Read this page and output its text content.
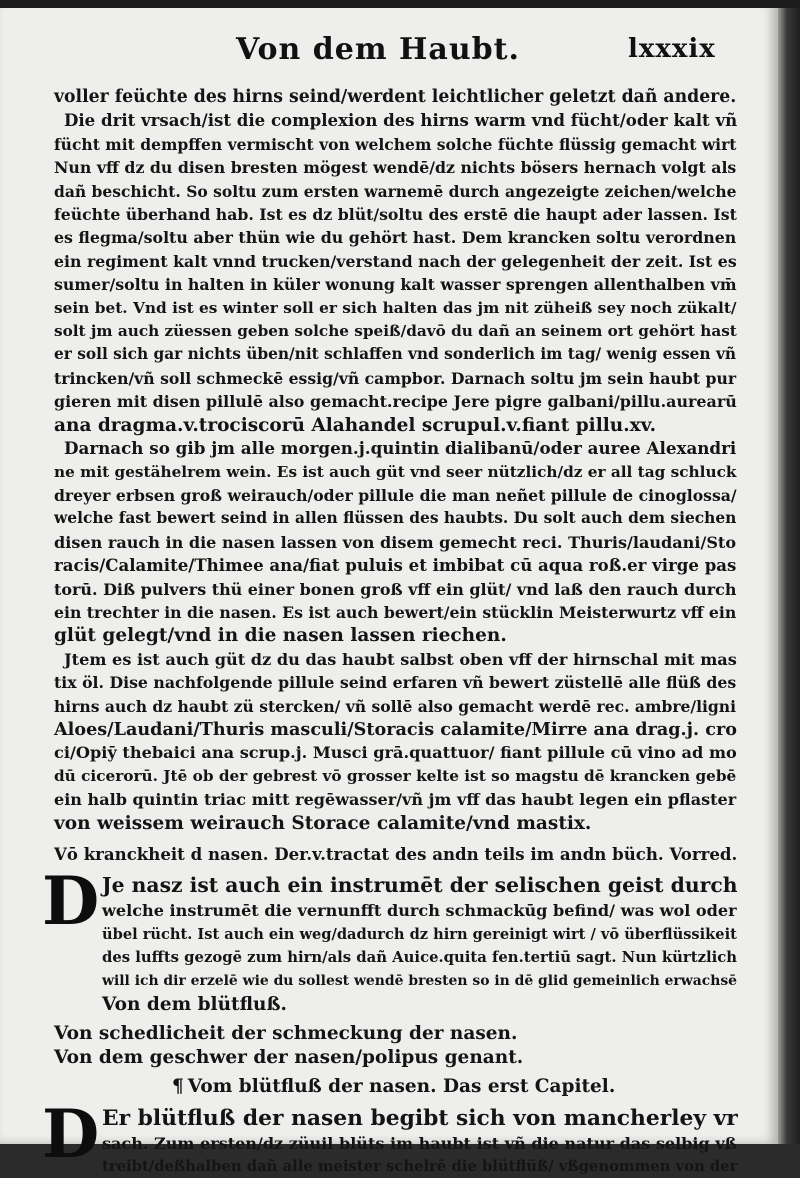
Von dem Haubt.	lxxxix
voller feüchte des hirns seind/werdent leichtlicher geletzt dañ andere.
Die drit vrsach/ist die complexion des hirns warm vnd fücht/oder kalt vñ
fücht mit dempffen vermischt von welchem solche füchte flüssig gemacht wirt
Nun vff dz du disen bresten mögest wendē/dz nichts bösers hernach volgt als
dañ beschicht. So soltu zum ersten warnemē durch angezeigte zeichen/welche
feüchte überhand hab. Ist es dz blüt/soltu des erstē die haupt ader lassen. Ist
es flegma/soltu aber thün wie du gehört hast. Dem krancken soltu verordnen
ein regiment kalt vnnd trucken/verstand nach der gelegenheit der zeit. Ist es
sumer/soltu in halten in küler wonung kalt wasser sprengen allenthalben vm̄
sein bet. Vnd ist es winter soll er sich halten das jm nit züheiß sey noch zükalt/
solt jm auch züessen geben solche speiß/davō du dañ an seinem ort gehört hast
er soll sich gar nichts üben/nit schlaffen vnd sonderlich im tag/ wenig essen vñ
trincken/vñ soll schmeckē essig/vñ campbor. Darnach soltu jm sein haubt pur
gieren mit disen pillulē also gemacht.recipe Jere pigre galbani/pillu.aurearū
ana dragma.v.trociscorū Alahandel scrupul.v.fiant pillu.xv.
Darnach so gib jm alle morgen.j.quintin dialibanū/oder auree Alexandri
ne mit gestähelrem wein. Es ist auch güt vnd seer nützlich/dz er all tag schluck
dreyer erbsen groß weirauch/oder pillule die man neñet pillule de cinoglossa/
welche fast bewert seind in allen flüssen des haubts. Du solt auch dem siechen
disen rauch in die nasen lassen von disem gemecht reci. Thuris/laudani/Sto
racis/Calamite/Thimee ana/fiat puluis et imbibat cū aqua roß.er virge pas
torū. Diß pulvers thü einer bonen groß vff ein glüt/ vnd laß den rauch durch
ein trechter in die nasen. Es ist auch bewert/ein stücklin Meisterwurtz vff ein
glüt gelegt/vnd in die nasen lassen riechen.
Jtem es ist auch güt dz du das haubt salbst oben vff der hirnschal mit mas
tix öl. Dise nachfolgende pillule seind erfaren vñ bewert züstellē alle flüß des
hirns auch dz haubt zü stercken/ vñ sollē also gemacht werdē rec. ambre/ligni
Aloes/Laudani/Thuris masculi/Storacis calamite/Mirre ana drag.j. cro
ci/Opiȳ thebaici ana scrup.j. Musci grā.quattuor/ fiant pillule cū vino ad mo
dū cicerorū. Jtē ob der gebrest vō grosser kelte ist so magstu dē krancken gebē
ein halb quintin triac mitt regēwasser/vñ jm vff das haubt legen ein pflaster
von weissem weirauch Storace calamite/vnd mastix.
Vō kranckheit d nasen. Der.v.tractat des andn teils im andn büch. Vorred.
D Je nasz ist auch ein instrumēt der selischen geist durch
welche instrumēt die vernunfft durch schmackūg befind/ was wol oder
übel rücht. Ist auch ein weg/dadurch dz hirn gereinigt wirt / vō überflüssikeit
des luffts gezogē zum hirn/als dañ Auice.quita fen.tertiū sagt. Nun kürtzlich
will ich dir erzelē wie du sollest wendē bresten so in dē glid gemeinlich erwachsē
Von dem blütfluß.
Von schedlicheit der schmeckung der nasen.
Von dem geschwer der nasen/polipus genant.
¶ Vom blütfluß der nasen. Das erst Capitel.
D Er blütfluß der nasen begibt sich von mancherley vr
sach. Zum ersten/dz züuil blüts im haubt ist vñ die natur das selbig vß
treibt/deßhalben dañ alle meister schelrē die blütflüß/ vßgenommen von der
